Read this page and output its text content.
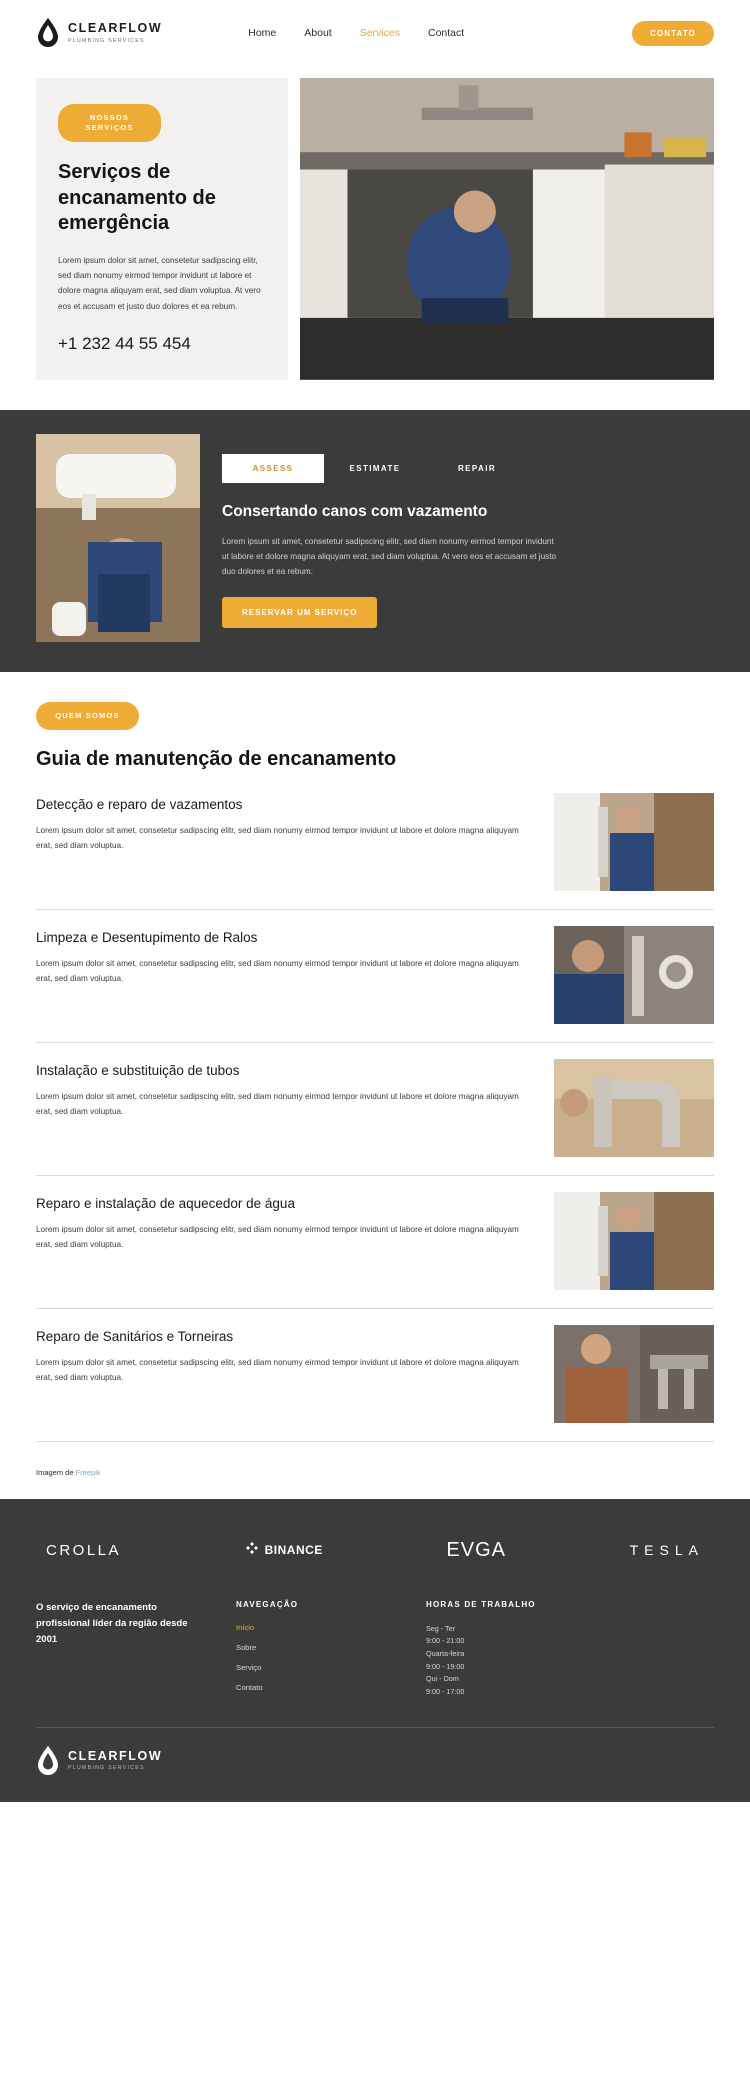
CLEARFLOW
PLUMBING SERVICES
Home	About	Services	Contact	CONTATO
NOSSOS SERVIÇOS
Serviços de encanamento de emergência
Lorem ipsum dolor sit amet, consetetur sadipscing elitr, sed diam nonumy eirmod tempor invidunt ut labore et dolore magna aliquyam erat, sed diam voluptua. At vero eos et accusam et justo duo dolores et ea rebum.
+1 232 44 55 454
ASSESS	ESTIMATE	REPAIR
Consertando canos com vazamento
Lorem ipsum sit amet, consetetur sadipscing elitr, sed diam nonumy eirmod tempor invidunt ut labore et dolore magna aliquyam erat, sed diam voluptua. At vero eos et accusam et justo duo dolores et ea rebum.
RESERVAR UM SERVIÇO
QUEM SOMOS
Guia de manutenção de encanamento
Detecção e reparo de vazamentos
Lorem ipsum dolor sit amet, consetetur sadipscing elitr, sed diam nonumy eirmod tempor invidunt ut labore et dolore magna aliquyam erat, sed diam voluptua.
Limpeza e Desentupimento de Ralos
Lorem ipsum dolor sit amet, consetetur sadipscing elitr, sed diam nonumy eirmod tempor invidunt ut labore et dolore magna aliquyam erat, sed diam voluptua.
Instalação e substituição de tubos
Lorem ipsum dolor sit amet, consetetur sadipscing elitr, sed diam nonumy eirmod tempor invidunt ut labore et dolore magna aliquyam erat, sed diam voluptua.
Reparo e instalação de aquecedor de água
Lorem ipsum dolor sit amet, consetetur sadipscing elitr, sed diam nonumy eirmod tempor invidunt ut labore et dolore magna aliquyam erat, sed diam voluptua.
Reparo de Sanitários e Torneiras
Lorem ipsum dolor sit amet, consetetur sadipscing elitr, sed diam nonumy eirmod tempor invidunt ut labore et dolore magna aliquyam erat, sed diam voluptua.
Imagem de Freepik
CROLLA	BINANCE	EVGA	TESLA
O serviço de encanamento profissional líder da região desde 2001
NAVEGAÇÃO
Início
Sobre
Serviço
Contato
HORAS DE TRABALHO
Seg - Ter
9:00 - 21:00
Quarta-feira
9:00 - 19:00
Qui - Dom
9:00 - 17:00
CLEARFLOW
PLUMBING SERVICES
